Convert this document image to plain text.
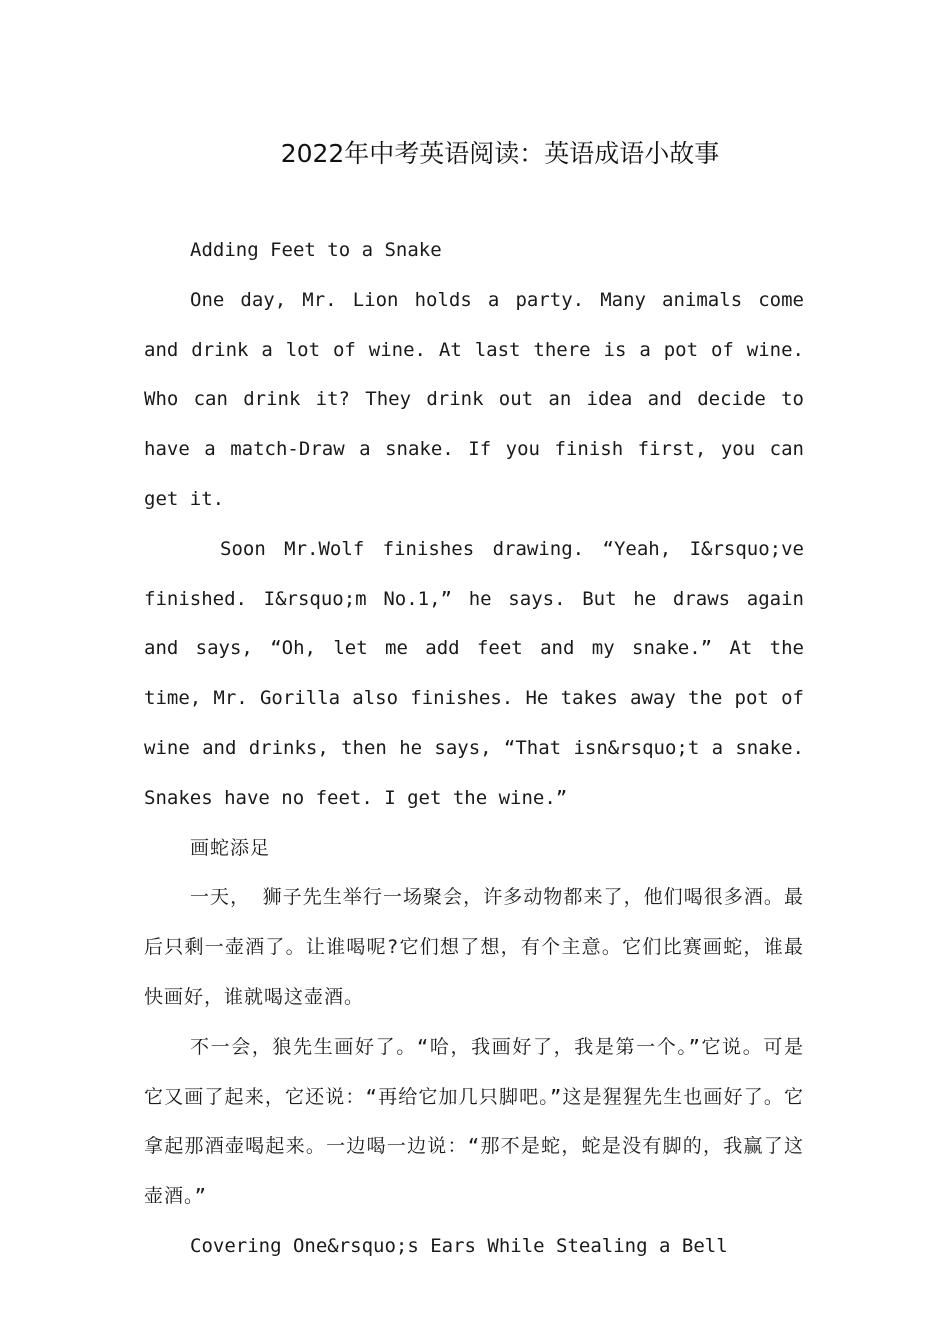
2022年中考英语阅读：英语成语小故事

Adding Feet to a Snake

One day, Mr. Lion holds a party. Many animals come and drink a lot of wine. At last there is a pot of wine. Who can drink it? They drink out an idea and decide to have a match-Draw a snake. If you finish first, you can get it.

Soon Mr.Wolf finishes drawing. “Yeah, I&rsquo;ve finished. I&rsquo;m No.1,” he says. But he draws again and says, “Oh, let me add feet and my snake.” At the time, Mr. Gorilla also finishes. He takes away the pot of wine and drinks, then he says, “That isn&rsquo;t a snake. Snakes have no feet. I get the wine.”

画蛇添足

一天， 狮子先生举行一场聚会，许多动物都来了，他们喝很多酒。最后只剩一壶酒了。让谁喝呢?它们想了想，有个主意。它们比赛画蛇，谁最快画好，谁就喝这壶酒。

不一会，狼先生画好了。“哈，我画好了，我是第一个。”它说。可是它又画了起来，它还说：“再给它加几只脚吧。”这是猩猩先生也画好了。它拿起那酒壶喝起来。一边喝一边说：“那不是蛇，蛇是没有脚的，我赢了这壶酒。”

Covering One&rsquo;s Ears While Stealing a Bell
